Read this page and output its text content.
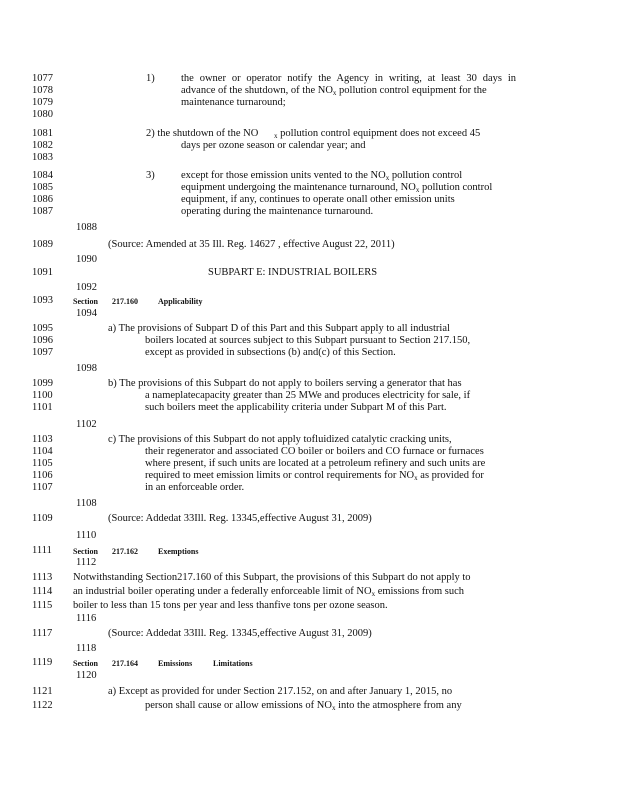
1077
1078
1079
1080
1)	the owner or operator notify the Agency in writing, at least 30 days in
advance of the shutdown, of the $NO_x$ pollution control equipment for the
maintenance turnaround;
1081
1082
1083
2) the shutdown of the NO $_x$ pollution control equipment does not exceed 45
days per ozone season or calendar year; and
1084
1085
1086
1087
1088
3)	except for those emission units vented to the $NO_x$ pollution control
equipment undergoing the maintenance turnaround, $NO_x$ pollution control
equipment, if any, continues to operate onall other emission units
operating during the maintenance turnaround.
1089	(Source: Amended at 35 Ill. Reg. 14627 , effective August 22, 2011)
1090
1091	SUBPART E: INDUSTRIAL BOILERS
1092
1093	Section 217.160	Applicability
1094
1095
1096
1097
a) The provisions of Subpart D of this Part and this Subpart apply to all industrial
boilers located at sources subject to this Subpart pursuant to Section 217.150,
except as provided in subsections (b) and(c) of this Section.
1098
1099
1100
1101
b) The provisions of this Subpart do not apply to boilers serving a generator that has
a nameplatecapacity greater than 25 MWe and produces electricity for sale, if
such boilers meet the applicability criteria under Subpart M of this Part.
1102
1103
1104
1105
1106
1107
c) The provisions of this Subpart do not apply tofluidized catalytic cracking units,
their regenerator and associated CO boiler or boilers and CO furnace or furnaces
where present, if such units are located at a petroleum refinery and such units are
required to meet emission limits or control requirements for $NO_x$ as provided for
in an enforceable order.
1108
1109	(Source: Addedat 33Ill. Reg. 13345,effective August 31, 2009)
1110
1111	Section 217.162	Exemptions
1112
1113
1114
1115
Notwithstanding Section217.160 of this Subpart, the provisions of this Subpart do not apply to
an industrial boiler operating under a federally enforceable limit of $NO_x$ emissions from such
boiler to less than 15 tons per year and less thanfive tons per ozone season.
1116
1117	(Source: Addedat 33Ill. Reg. 13345,effective August 31, 2009)
1118
1119	Section 217.164	Emissions	Limitations
1120
1121
1122
a) Except as provided for under Section 217.152, on and after January 1, 2015, no
person shall cause or allow emissions of $NO_x$ into the atmosphere from any
